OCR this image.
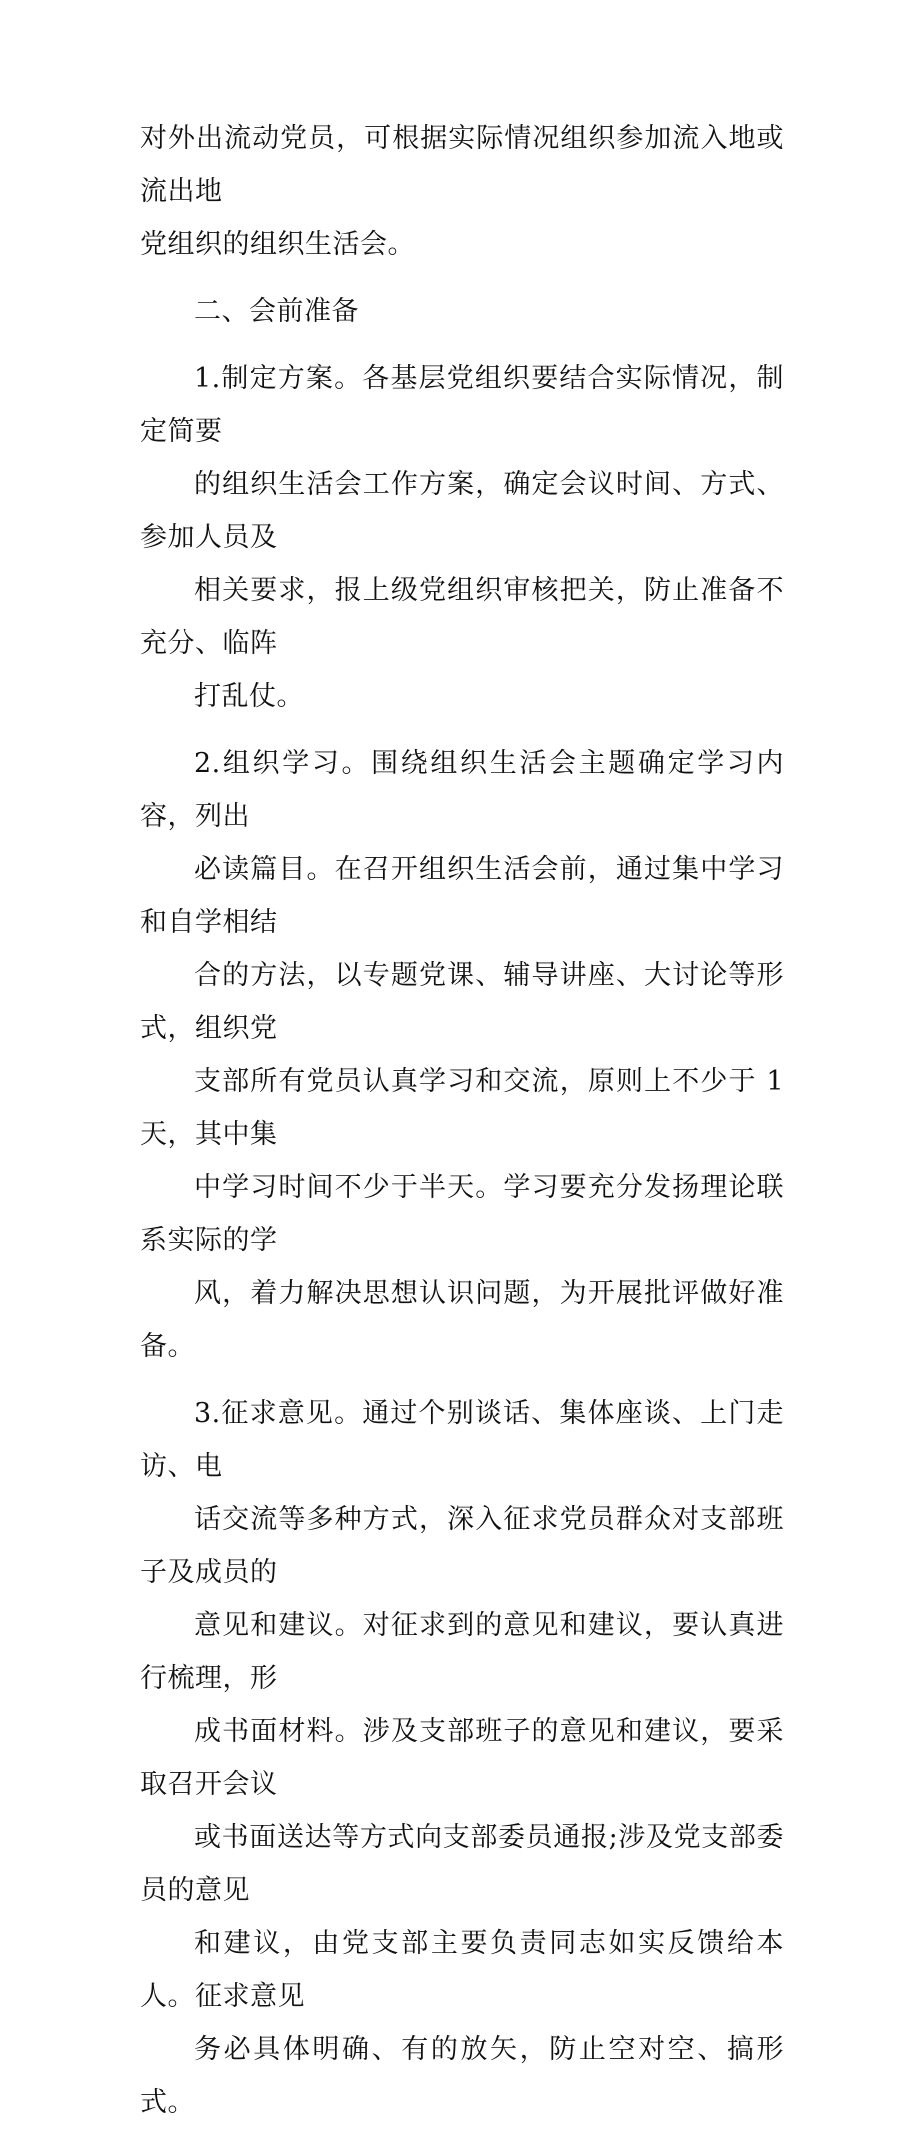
对外出流动党员，可根据实际情况组织参加流入地或流出地
党组织的组织生活会。
二、会前准备
1.制定方案。各基层党组织要结合实际情况，制定简要
的组织生活会工作方案，确定会议时间、方式、参加人员及
相关要求，报上级党组织审核把关，防止准备不充分、临阵
打乱仗。
2.组织学习。围绕组织生活会主题确定学习内容，列出
必读篇目。在召开组织生活会前，通过集中学习和自学相结
合的方法，以专题党课、辅导讲座、大讨论等形式，组织党
支部所有党员认真学习和交流，原则上不少于 1 天，其中集
中学习时间不少于半天。学习要充分发扬理论联系实际的学
风，着力解决思想认识问题，为开展批评做好准备。
3.征求意见。通过个别谈话、集体座谈、上门走访、电
话交流等多种方式，深入征求党员群众对支部班子及成员的
意见和建议。对征求到的意见和建议，要认真进行梳理，形
成书面材料。涉及支部班子的意见和建议，要采取召开会议
或书面送达等方式向支部委员通报;涉及党支部委员的意见
和建议，由党支部主要负责同志如实反馈给本人。征求意见
务必具体明确、有的放矢，防止空对空、搞形式。
